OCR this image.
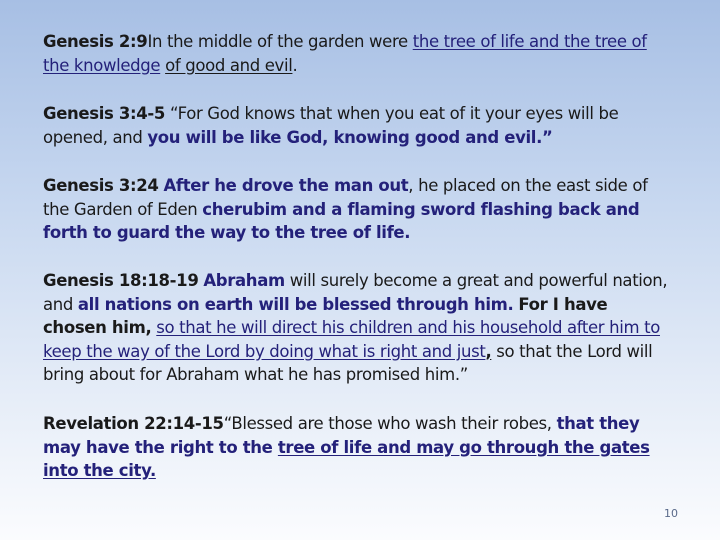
Genesis 2:9In the middle of the garden were the tree of life and the tree of the knowledge of good and evil.

Genesis 3:4-5 “For God knows that when you eat of it your eyes will be opened, and you will be like God, knowing good and evil.”

Genesis 3:24 After he drove the man out, he placed on the east side of the Garden of Eden cherubim and a flaming sword flashing back and forth to guard the way to the tree of life.

Genesis 18:18-19 Abraham will surely become a great and powerful nation, and all nations on earth will be blessed through him. For I have chosen him, so that he will direct his children and his household after him to keep the way of the Lord by doing what is right and just, so that the Lord will bring about for Abraham what he has promised him.”

Revelation 22:14-15“Blessed are those who wash their robes, that they may have the right to the tree of life and may go through the gates into the city.

10
